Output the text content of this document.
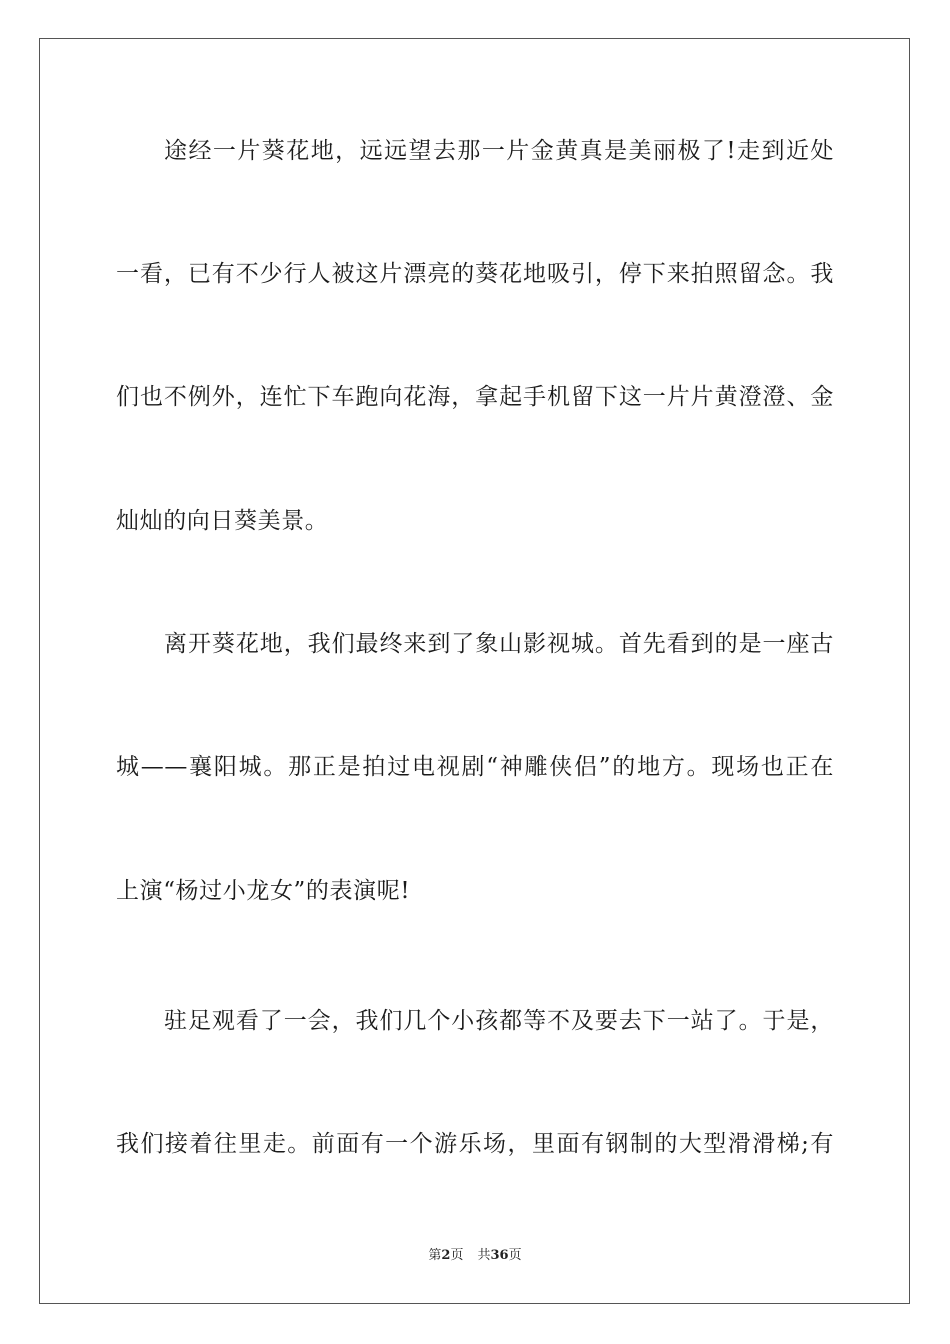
途经一片葵花地，远远望去那一片金黄真是美丽极了!走到近处
一看，已有不少行人被这片漂亮的葵花地吸引，停下来拍照留念。我
们也不例外，连忙下车跑向花海，拿起手机留下这一片片黄澄澄、金
灿灿的向日葵美景。
离开葵花地，我们最终来到了象山影视城。首先看到的是一座古
城——襄阳城。那正是拍过电视剧“神雕侠侣”的地方。现场也正在
上演“杨过小龙女”的表演呢!
驻足观看了一会，我们几个小孩都等不及要去下一站了。于是，
我们接着往里走。前面有一个游乐场，里面有钢制的大型滑滑梯;有
第2页 共36页
